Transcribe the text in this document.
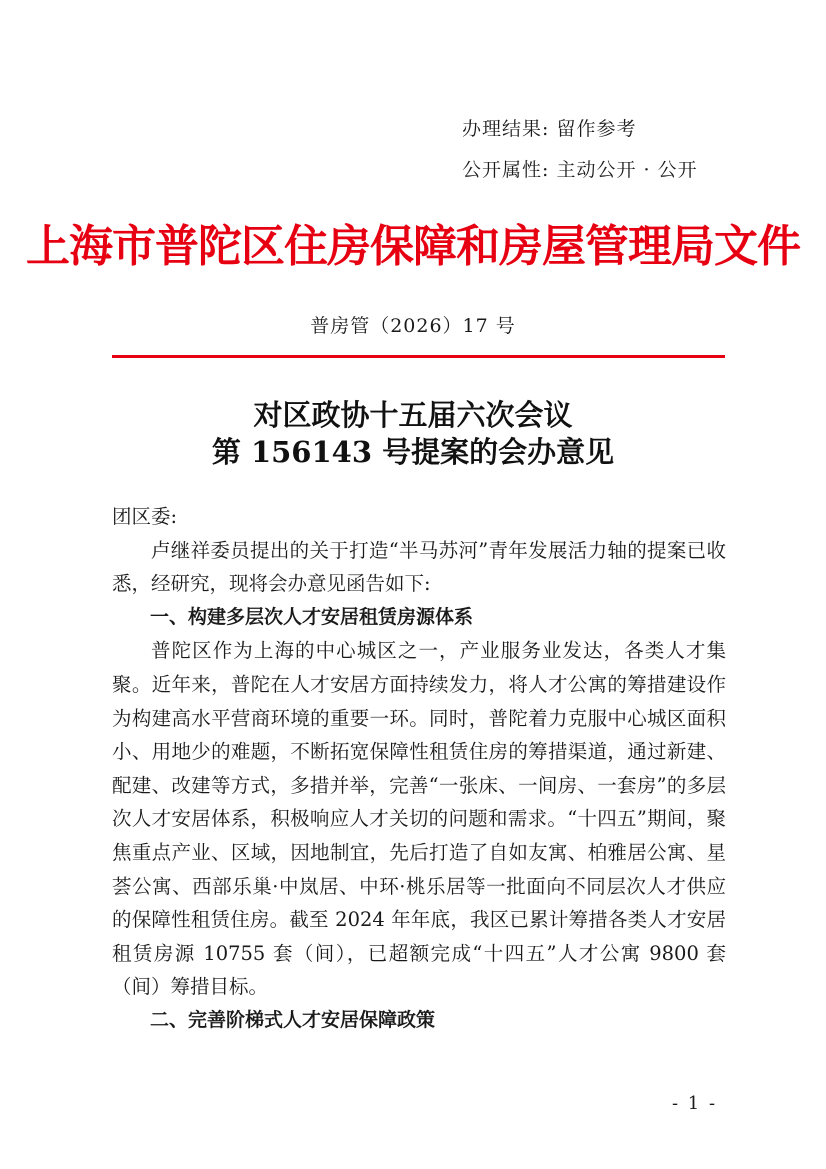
办理结果: 留作参考
公开属性: 主动公开 · 公开
上海市普陀区住房保障和房屋管理局文件
普房管（2026）17 号
对区政协十五届六次会议
第 156143 号提案的会办意见

团区委:

卢继祥委员提出的关于打造“半马苏河”青年发展活力轴的提案已收悉，经研究，现将会办意见函告如下:

一、构建多层次人才安居租赁房源体系

普陀区作为上海的中心城区之一，产业服务业发达，各类人才集聚。近年来，普陀在人才安居方面持续发力，将人才公寓的筹措建设作为构建高水平营商环境的重要一环。同时，普陀着力克服中心城区面积小、用地少的难题，不断拓宽保障性租赁住房的筹措渠道，通过新建、配建、改建等方式，多措并举，完善“一张床、一间房、一套房”的多层次人才安居体系，积极响应人才关切的问题和需求。“十四五”期间，聚焦重点产业、区域，因地制宜，先后打造了自如友寓、柏雅居公寓、星荟公寓、西部乐巢·中岚居、中环·桃乐居等一批面向不同层次人才供应的保障性租赁住房。截至 2024 年年底，我区已累计筹措各类人才安居租赁房源 10755 套（间），已超额完成“十四五”人才公寓 9800 套（间）筹措目标。

二、完善阶梯式人才安居保障政策

- 1 -
